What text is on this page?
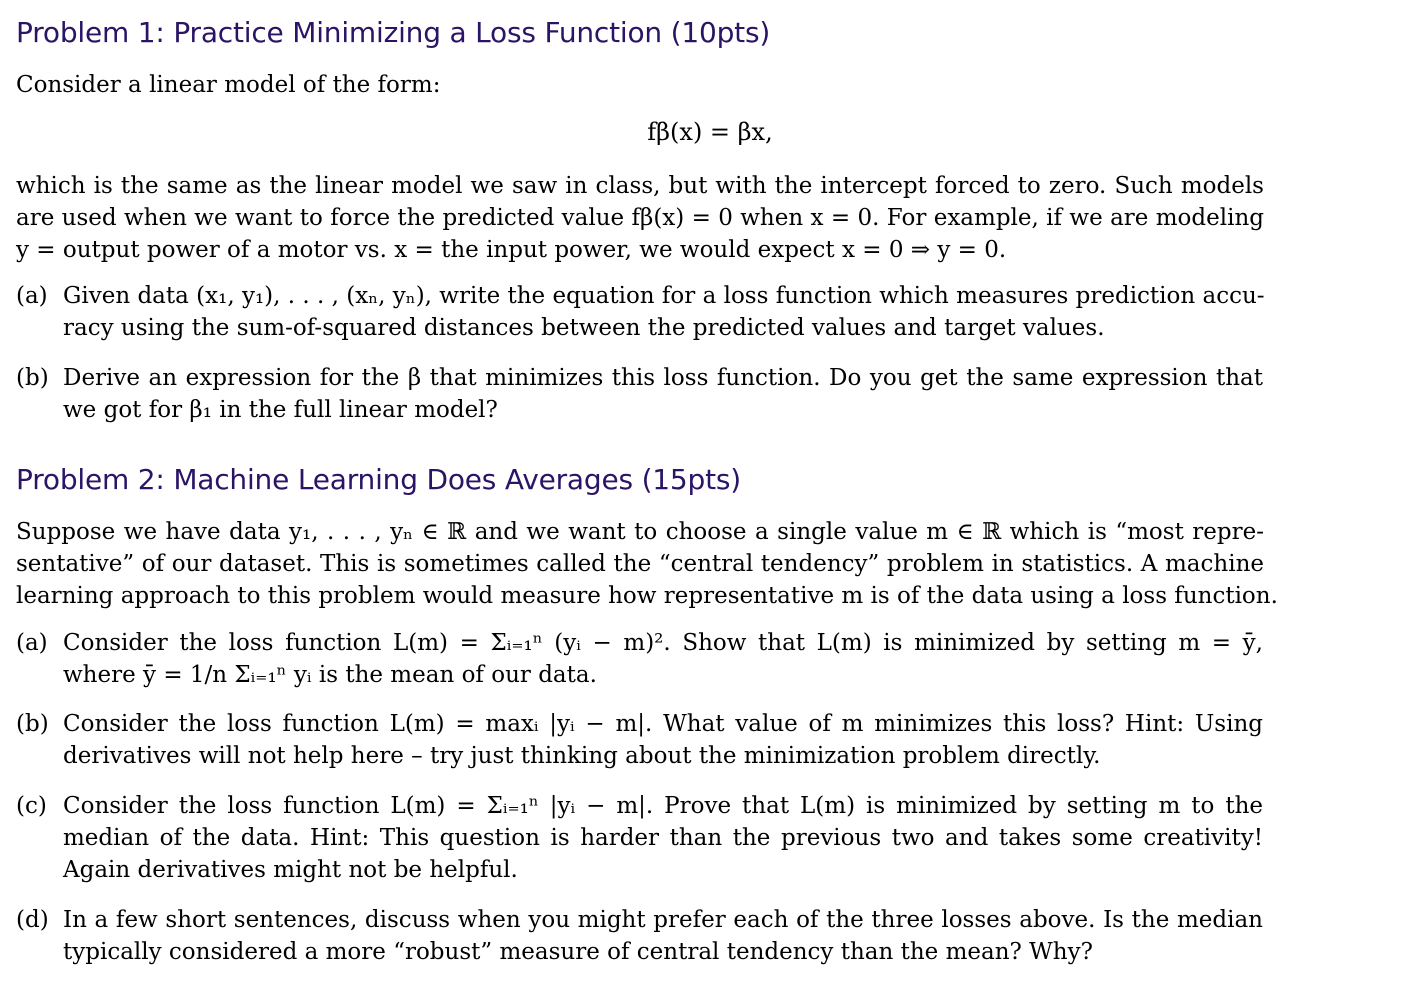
Problem 1: Practice Minimizing a Loss Function (10pts)

Consider a linear model of the form:

fβ(x) = βx,

which is the same as the linear model we saw in class, but with the intercept forced to zero. Such models
are used when we want to force the predicted value fβ(x) = 0 when x = 0. For example, if we are modeling
y = output power of a motor vs. x = the input power, we would expect x = 0 ⇒ y = 0.

(a) Given data (x₁, y₁), . . . , (xₙ, yₙ), write the equation for a loss function which measures prediction accu-
racy using the sum-of-squared distances between the predicted values and target values.
(b) Derive an expression for the β that minimizes this loss function. Do you get the same expression that
we got for β₁ in the full linear model?
Problem 2: Machine Learning Does Averages (15pts)

Suppose we have data y₁, . . . , yₙ ∈ ℝ and we want to choose a single value m ∈ ℝ which is “most repre-
sentative” of our dataset. This is sometimes called the “central tendency” problem in statistics. A machine
learning approach to this problem would measure how representative m is of the data using a loss function.

(a) Consider the loss function L(m) = Σᵢ₌₁ⁿ (yᵢ − m)². Show that L(m) is minimized by setting m = ȳ,
where ȳ = 1/n Σᵢ₌₁ⁿ yᵢ is the mean of our data.
(b) Consider the loss function L(m) = maxᵢ |yᵢ − m|. What value of m minimizes this loss? Hint: Using
derivatives will not help here – try just thinking about the minimization problem directly.
(c) Consider the loss function L(m) = Σᵢ₌₁ⁿ |yᵢ − m|. Prove that L(m) is minimized by setting m to the
median of the data. Hint: This question is harder than the previous two and takes some creativity!
Again derivatives might not be helpful.
(d) In a few short sentences, discuss when you might prefer each of the three losses above. Is the median
typically considered a more “robust” measure of central tendency than the mean? Why?
